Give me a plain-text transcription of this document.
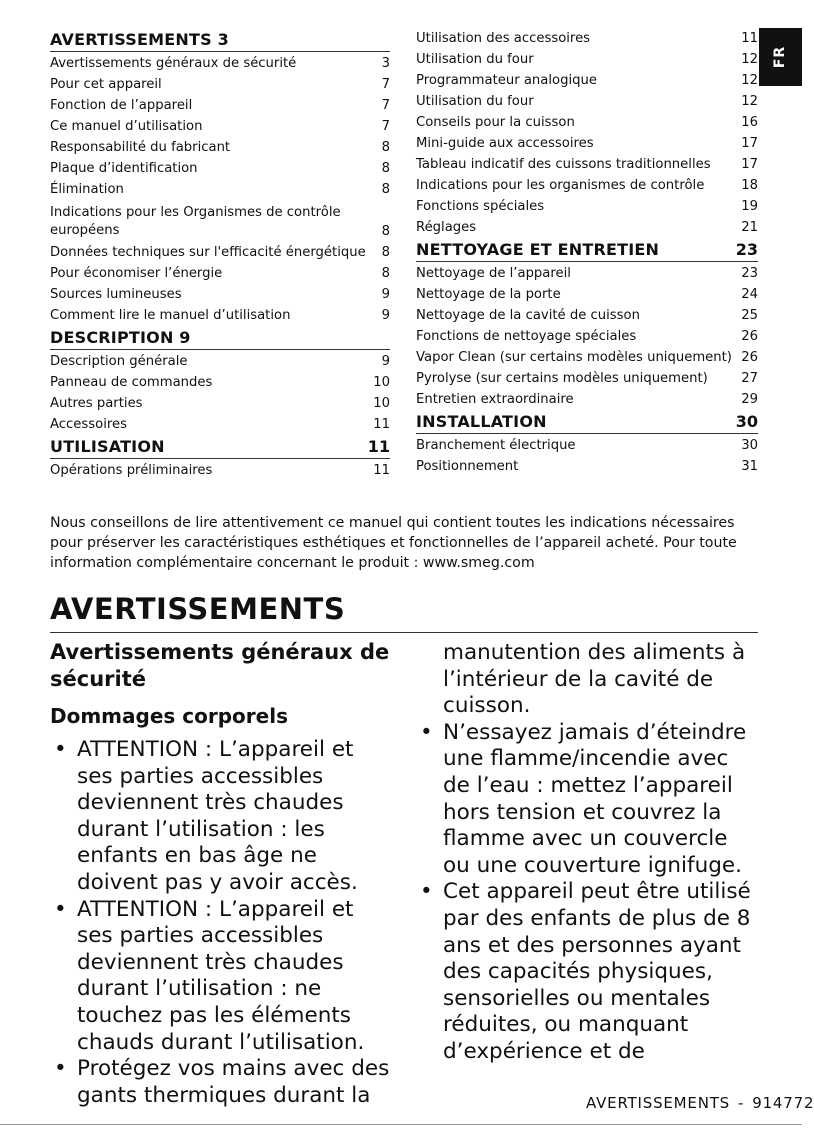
FR
AVERTISSEMENTS 3
Avertissements généraux de sécurité	3
Pour cet appareil	7
Fonction de l’appareil	7
Ce manuel d’utilisation	7
Responsabilité du fabricant	8
Plaque d’identification	8
Élimination	8
Indications pour les Organismes de contrôle européens	8
Données techniques sur l'efficacité énergétique 8
Pour économiser l’énergie	8
Sources lumineuses	9
Comment lire le manuel d’utilisation	9
DESCRIPTION 9
Description générale	9
Panneau de commandes	10
Autres parties	10
Accessoires	11
UTILISATION	11
Opérations préliminaires	11
Utilisation des accessoires	11
Utilisation du four	12
Programmateur analogique	12
Utilisation du four	12
Conseils pour la cuisson	16
Mini-guide aux accessoires	17
Tableau indicatif des cuissons traditionnelles 17
Indications pour les organismes de contrôle	18
Fonctions spéciales	19
Réglages	21
NETTOYAGE ET ENTRETIEN	23
Nettoyage de l’appareil	23
Nettoyage de la porte	24
Nettoyage de la cavité de cuisson	25
Fonctions de nettoyage spéciales	26
Vapor Clean (sur certains modèles uniquement) 26
Pyrolyse (sur certains modèles uniquement)	27
Entretien extraordinaire	29
INSTALLATION	30
Branchement électrique	30
Positionnement	31

Nous conseillons de lire attentivement ce manuel qui contient toutes les indications nécessaires pour préserver les caractéristiques esthétiques et fonctionnelles de l’appareil acheté. Pour toute information complémentaire concernant le produit : www.smeg.com

AVERTISSEMENTS
Avertissements généraux de sécurité
Dommages corporels
• ATTENTION : L’appareil et ses parties accessibles deviennent très chaudes durant l’utilisation : les enfants en bas âge ne doivent pas y avoir accès.
• ATTENTION : L’appareil et ses parties accessibles deviennent très chaudes durant l’utilisation : ne touchez pas les éléments chauds durant l’utilisation.
• Protégez vos mains avec des gants thermiques durant la
manutention des aliments à l’intérieur de la cavité de cuisson.
• N’essayez jamais d’éteindre une flamme/incendie avec de l’eau : mettez l’appareil hors tension et couvrez la flamme avec un couvercle ou une couverture ignifuge.
• Cet appareil peut être utilisé par des enfants de plus de 8 ans et des personnes ayant des capacités physiques, sensorielles ou mentales réduites, ou manquant d’expérience et de
AVERTISSEMENTS - 914772
